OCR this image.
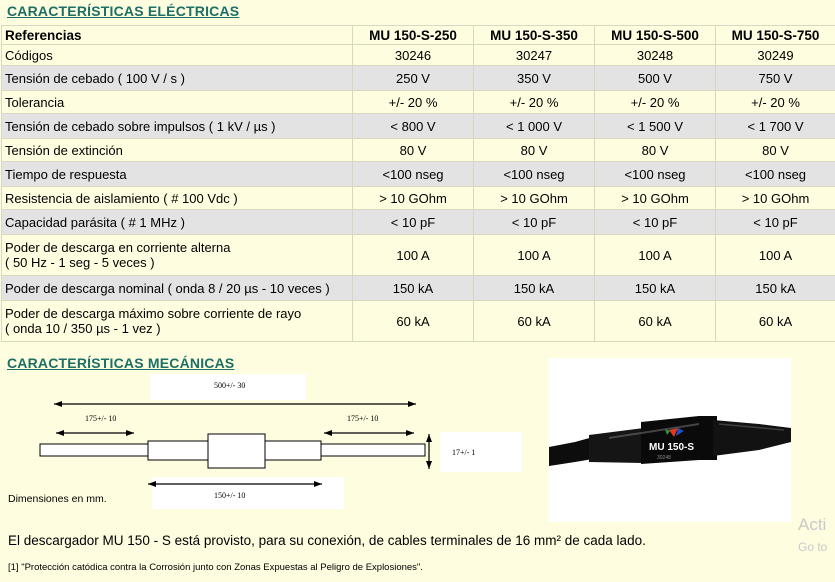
CARACTERÍSTICAS ELÉCTRICAS
Referencias	MU 150-S-250	MU 150-S-350	MU 150-S-500	MU 150-S-750

Códigos	30246	30247	30248	30249

Tensión de cebado ( 100 V / s )	250 V	350 V	500 V	750 V

Tolerancia	+/- 20 %	+/- 20 %	+/- 20 %	+/- 20 %

Tensión de cebado sobre impulsos ( 1 kV / µs )	< 800 V	< 1 000 V	< 1 500 V	< 1 700 V

Tensión de extinción	80 V	80 V	80 V	80 V

Tiempo de respuesta	<100 nseg	<100 nseg	<100 nseg	<100 nseg

Resistencia de aislamiento ( # 100 Vdc )	> 10 GOhm	> 10 GOhm	> 10 GOhm	> 10 GOhm

Capacidad parásita ( # 1 MHz )	< 10 pF	< 10 pF	< 10 pF	< 10 pF

Poder de descarga en corriente alterna
( 50 Hz - 1 seg - 5 veces )	100 A	100 A	100 A	100 A

Poder de descarga nominal ( onda 8 / 20 µs - 10 veces )	150 kA	150 kA	150 kA	150 kA

Poder de descarga máximo sobre corriente de rayo
( onda 10 / 350 µs - 1 vez )	60 kA	60 kA	60 kA	60 kA
CARACTERÍSTICAS MECÁNICAS
500+/- 30
175+/- 10	175+/- 10
17+/- 1
150+/- 10
Dimensiones en mm.
MU 150-S
30248
El descargador MU 150 - S está provisto, para su conexión, de cables terminales de 16 mm² de cada lado.
[1] "Protección catódica contra la Corrosión junto con Zonas Expuestas al Peligro de Explosiones".
Acti
Go to
